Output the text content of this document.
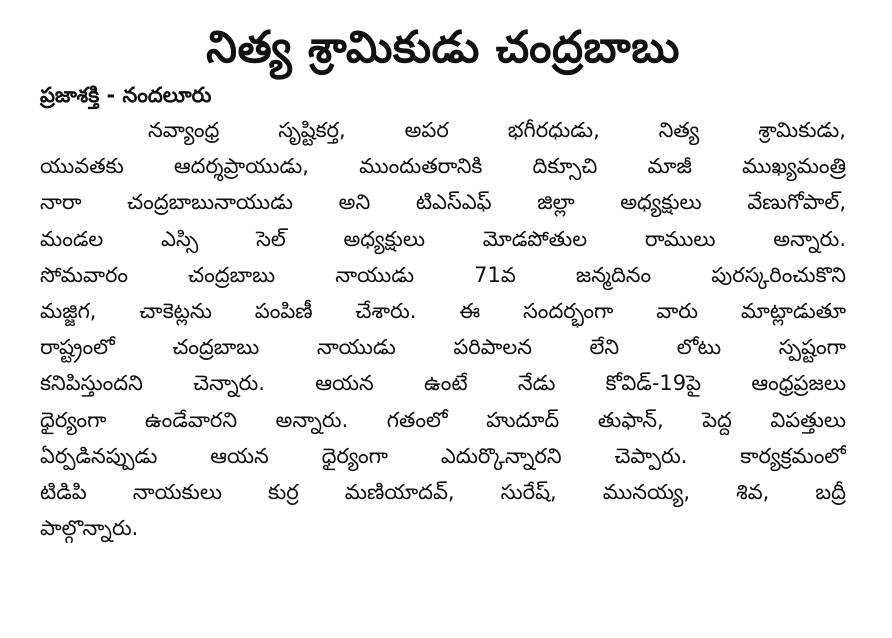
నిత్య శ్రామికుడు చంద్రబాబు
ప్రజాశక్తి - నందలూరు
నవ్యాంధ్ర సృష్టికర్త, అపర భగీరధుడు, నిత్య శ్రామికుడు,
యువతకు ఆదర్శప్రాయుడు, ముందుతరానికి దిక్సూచి మాజీ ముఖ్యమంత్రి
నారా చంద్రబాబునాయుడు అని టిఎస్ఎఫ్ జిల్లా అధ్యక్షులు వేణుగోపాల్,
మండల ఎస్సి సెల్ అధ్యక్షులు మోడపోతుల రాములు అన్నారు.
సోమవారం చంద్రబాబు నాయుడు 71వ జన్మదినం పురస్కరించుకొని
మజ్జిగ, చాకెట్లను పంపిణీ చేశారు. ఈ సందర్భంగా వారు మాట్లాడుతూ
రాష్ట్రంలో చంద్రబాబు నాయుడు పరిపాలన లేని లోటు స్పష్టంగా
కనిపిస్తుందని చెన్నారు. ఆయన ఉంటే నేడు కోవిడ్-19పై ఆంధ్రప్రజలు
ధైర్యంగా ఉండేవారని అన్నారు. గతంలో హుదూద్ తుఫాన్, పెద్ద విపత్తులు
ఏర్పడినప్పుడు ఆయన ధైర్యంగా ఎదుర్కొన్నారని చెప్పారు. కార్యక్రమంలో
టిడిపి నాయకులు కుర్ర మణియాదవ్, సురేష్, మునయ్య, శివ, బద్రీ
పాల్గొన్నారు.
